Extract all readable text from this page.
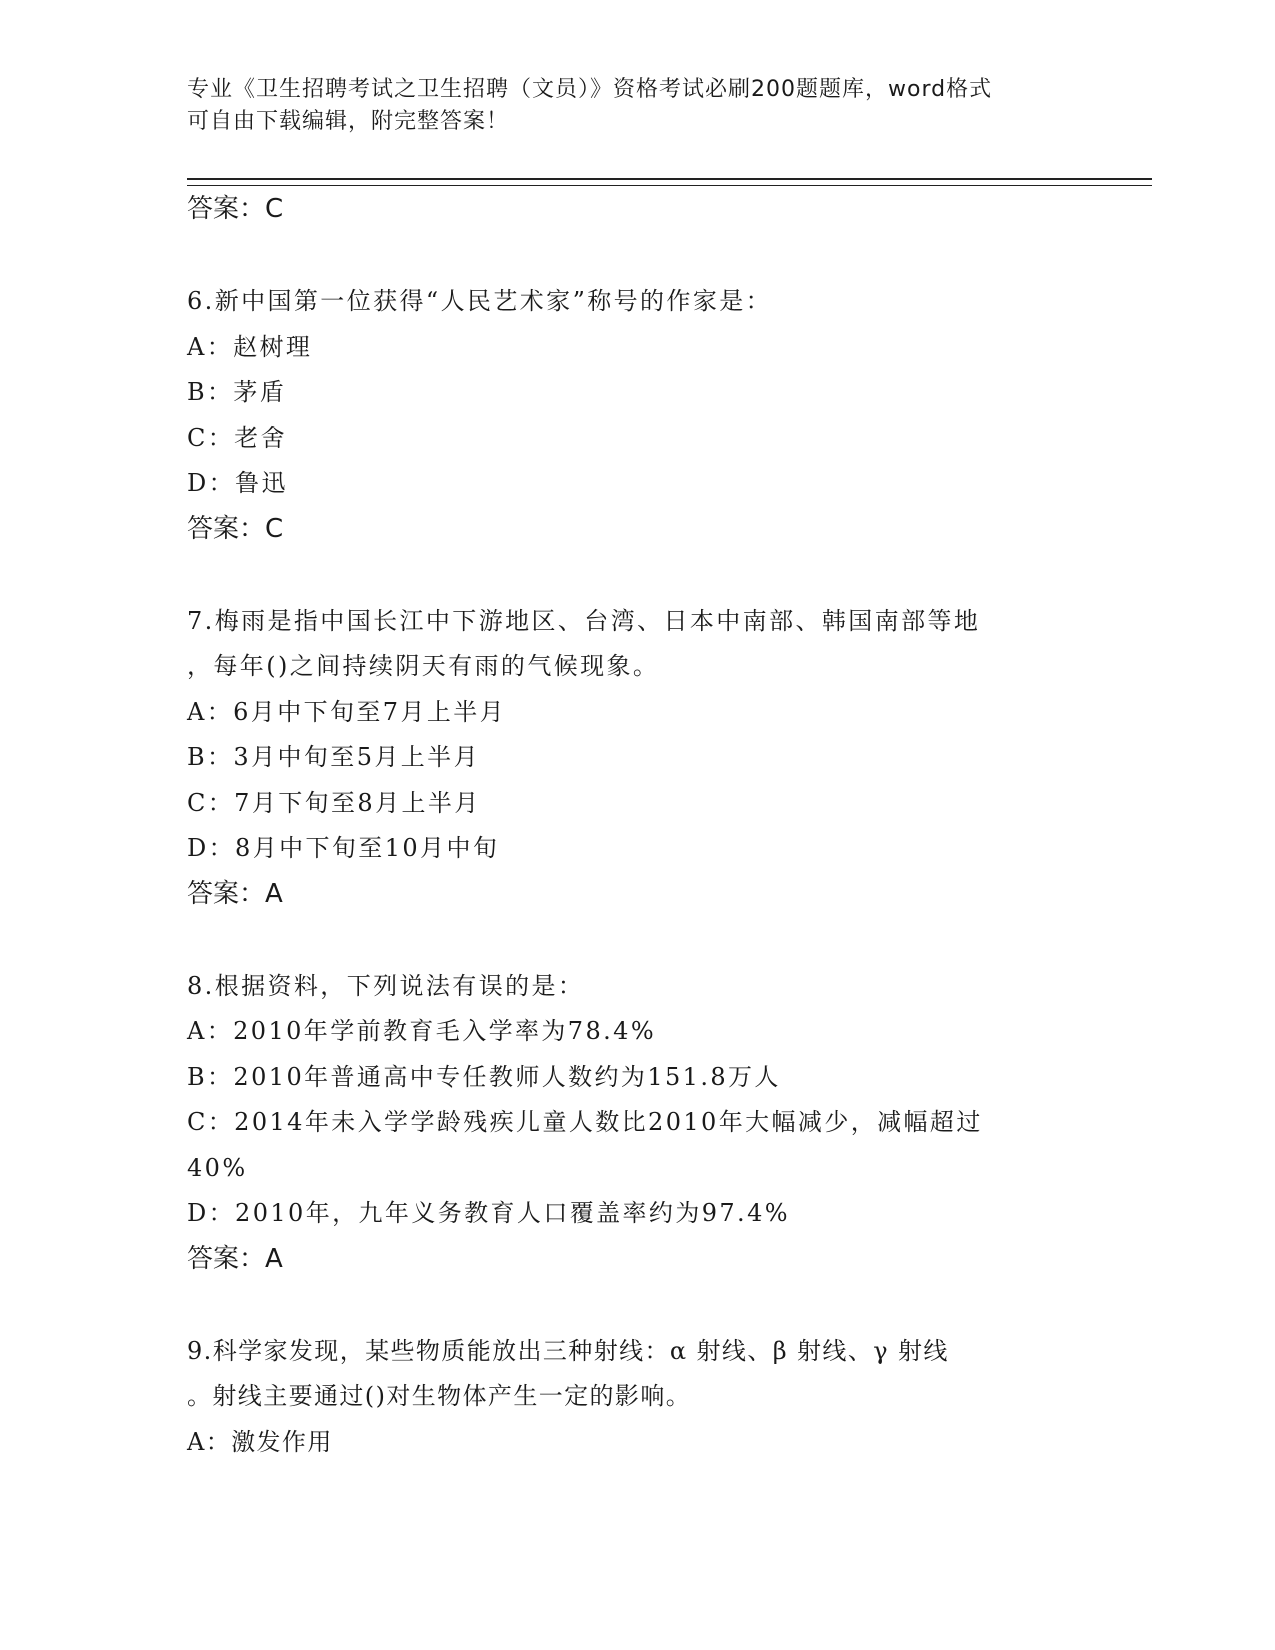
专业《卫生招聘考试之卫生招聘（文员）》资格考试必刷200题题库，word格式
可自由下载编辑，附完整答案！
答案：C
6.新中国第一位获得“人民艺术家”称号的作家是：
A：赵树理
B：茅盾
C：老舍
D：鲁迅
答案：C
7.梅雨是指中国长江中下游地区、台湾、日本中南部、韩国南部等地
，每年()之间持续阴天有雨的气候现象。
A：6月中下旬至7月上半月
B：3月中旬至5月上半月
C：7月下旬至8月上半月
D：8月中下旬至10月中旬
答案：A
8.根据资料，下列说法有误的是：
A：2010年学前教育毛入学率为78.4%
B：2010年普通高中专任教师人数约为151.8万人
C：2014年未入学学龄残疾儿童人数比2010年大幅减少，减幅超过
40%
D：2010年，九年义务教育人口覆盖率约为97.4%
答案：A
9.科学家发现，某些物质能放出三种射线：α 射线、β 射线、γ 射线
。射线主要通过()对生物体产生一定的影响。
A：激发作用
